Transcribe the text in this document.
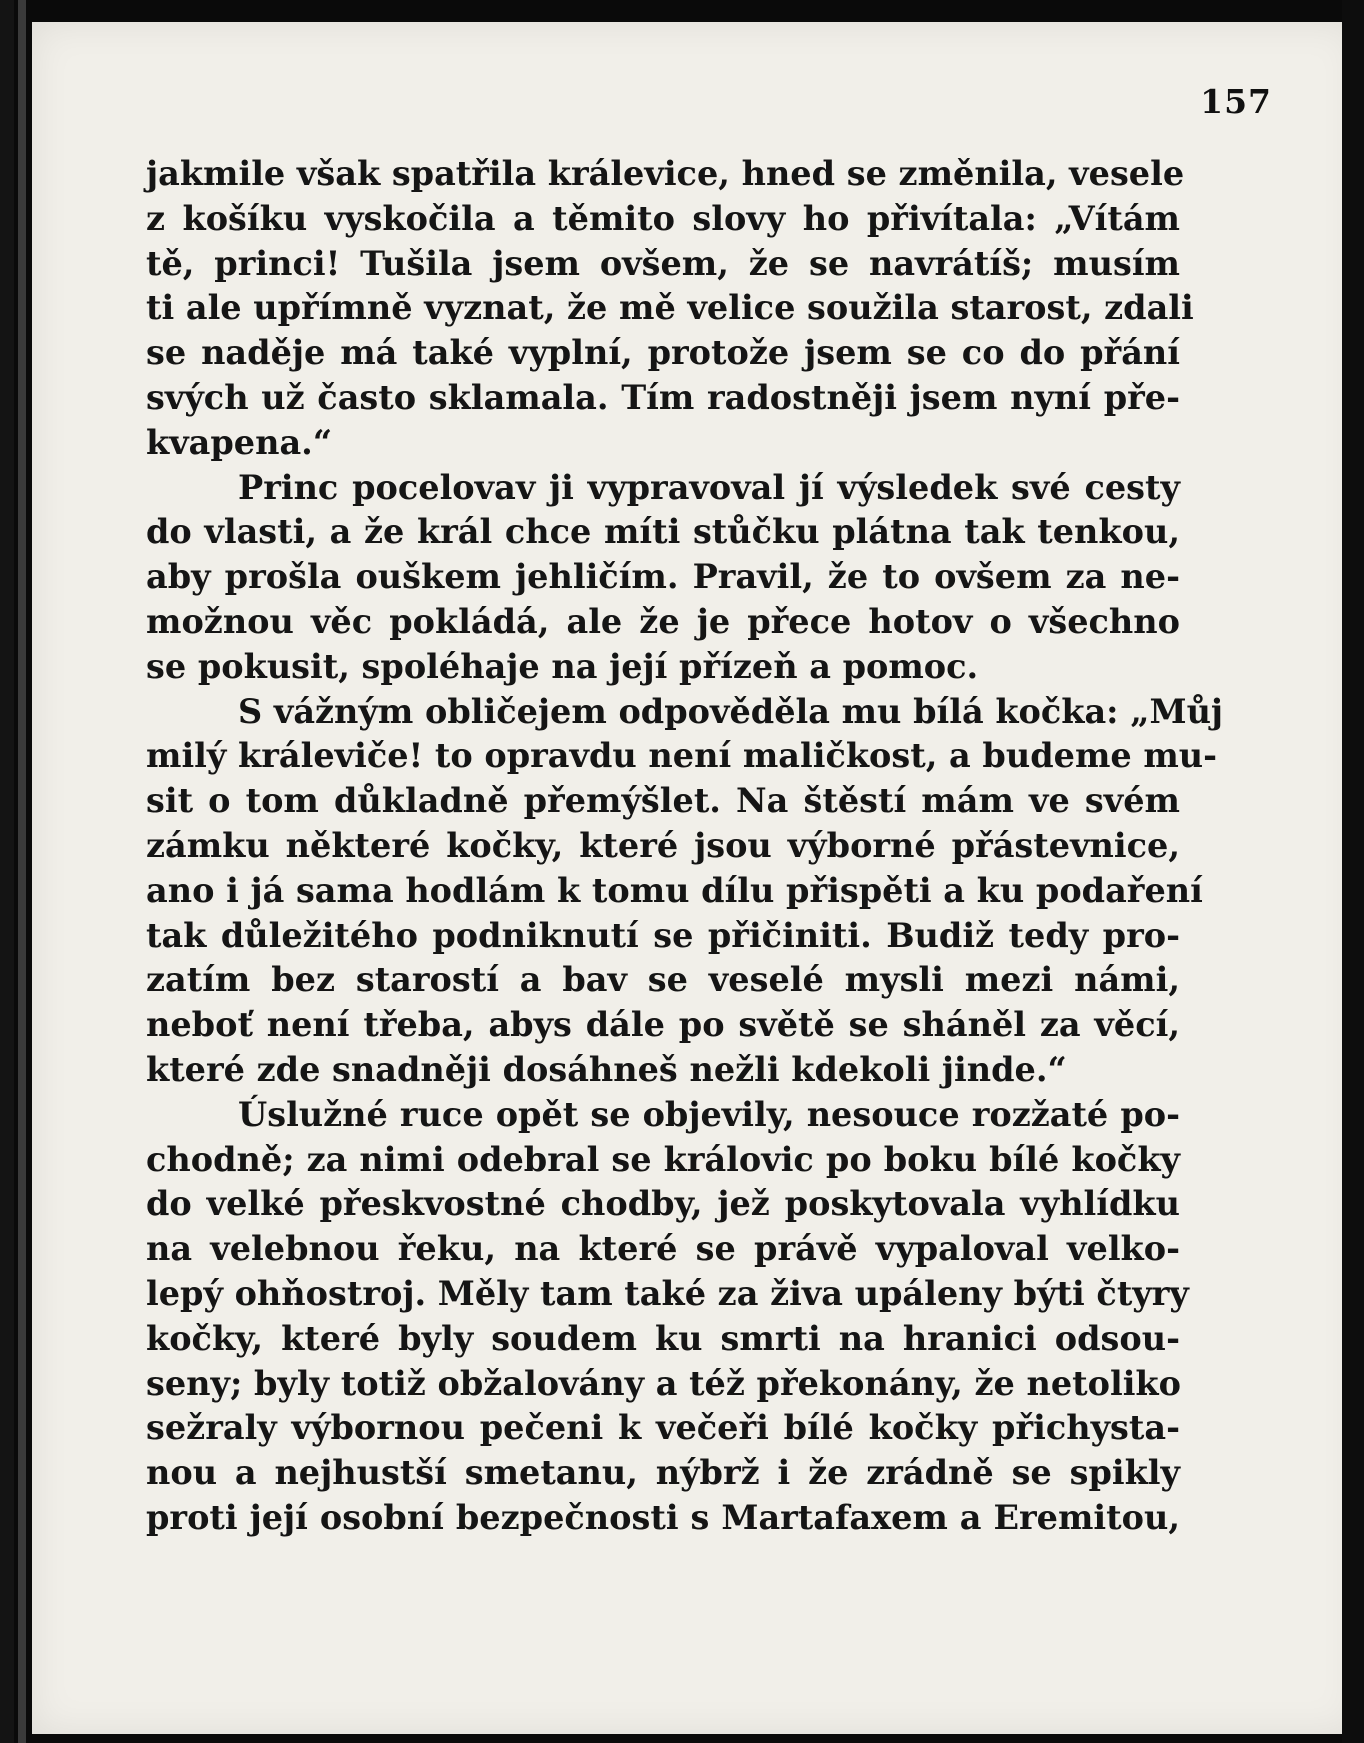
157
jakmile však spatřila králevice, hned se změnila, vesele
z košíku vyskočila a těmito slovy ho přivítala: „Vítám
tě, princi! Tušila jsem ovšem, že se navrátíš; musím
ti ale upřímně vyznat, že mě velice soužila starost, zdali
se naděje má také vyplní, protože jsem se co do přání
svých už často sklamala. Tím radostněji jsem nyní pře-
kvapena.“
Princ pocelovav ji vypravoval jí výsledek své cesty
do vlasti, a že král chce míti stůčku plátna tak tenkou,
aby prošla ouškem jehličím. Pravil, že to ovšem za ne-
možnou věc pokládá, ale že je přece hotov o všechno
se pokusit, spoléhaje na její přízeň a pomoc.
S vážným obličejem odpověděla mu bílá kočka: „Můj
milý králeviče! to opravdu není maličkost, a budeme mu-
sit o tom důkladně přemýšlet. Na štěstí mám ve svém
zámku některé kočky, které jsou výborné přástevnice,
ano i já sama hodlám k tomu dílu přispěti a ku podaření
tak důležitého podniknutí se přičiniti. Budiž tedy pro-
zatím bez starostí a bav se veselé mysli mezi námi,
neboť není třeba, abys dále po světě se sháněl za věcí,
které zde snadněji dosáhneš nežli kdekoli jinde.“
Úslužné ruce opět se objevily, nesouce rozžaté po-
chodně; za nimi odebral se královic po boku bílé kočky
do velké přeskvostné chodby, jež poskytovala vyhlídku
na velebnou řeku, na které se právě vypaloval velko-
lepý ohňostroj. Měly tam také za živa upáleny býti čtyry
kočky, které byly soudem ku smrti na hranici odsou-
seny; byly totiž obžalovány a též překonány, že netoliko
sežraly výbornou pečeni k večeři bílé kočky přichysta-
nou a nejhustší smetanu, nýbrž i že zrádně se spikly
proti její osobní bezpečnosti s Martafaxem a Eremitou,
